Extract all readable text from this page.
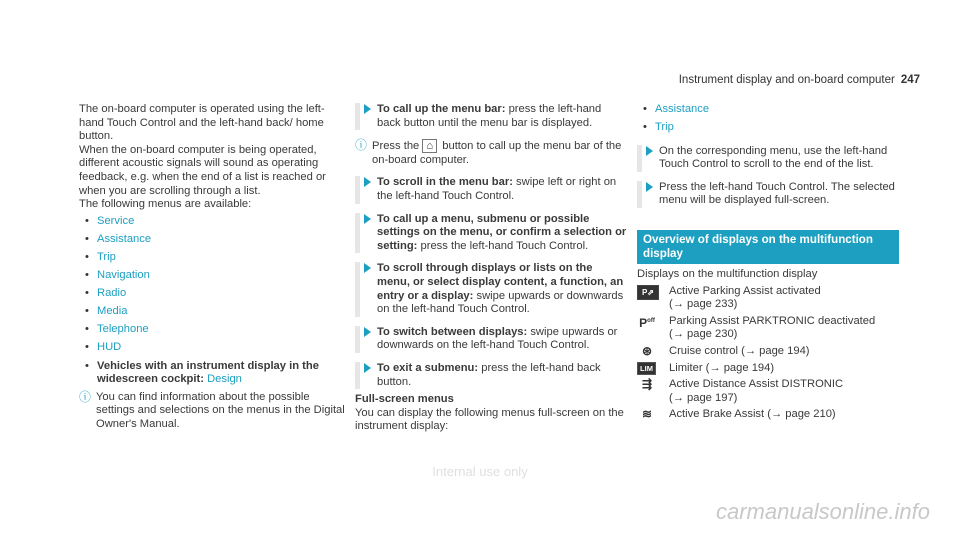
Instrument display and on-board computer 247

The on-board computer is operated using the left-hand Touch Control and the left-hand back/ home button.

When the on-board computer is being operated, different acoustic signals will sound as operating feedback, e.g. when the end of a list is reached or when you are scrolling through a list.

The following menus are available:

• Service
• Assistance
• Trip
• Navigation
• Radio
• Media
• Telephone
• HUD
• Vehicles with an instrument display in the widescreen cockpit: Design
ⓘ You can find information about the possible settings and selections on the menus in the Digital Owner's Manual.

To call up the menu bar: press the left-hand back button until the menu bar is displayed.

ⓘ Press the ⌂ button to call up the menu bar of the on-board computer.

To scroll in the menu bar: swipe left or right on the left-hand Touch Control.

To call up a menu, submenu or possible settings on the menu, or confirm a selection or setting: press the left-hand Touch Control.

To scroll through displays or lists on the menu, or select display content, a function, an entry or a display: swipe upwards or downwards on the left-hand Touch Control.

To switch between displays: swipe upwards or downwards on the left-hand Touch Control.

To exit a submenu: press the left-hand back button.

Full-screen menus

You can display the following menus full-screen on the instrument display:

• Assistance
• Trip

On the corresponding menu, use the left-hand Touch Control to scroll to the end of the list.

Press the left-hand Touch Control. The selected menu will be displayed full-screen.

Overview of displays on the multifunction display

Displays on the multifunction display

P⇗	Active Parking Assist activated

(→ page 233)

$P^{off}$ Parking Assist PARKTRONIC deactivated

(→ page 230)

⊛	Cruise control (→ page 194)

LIM Limiter (→ page 194)

⇶	Active Distance Assist DISTRONIC

(→ page 197)

≋	Active Brake Assist (→ page 210)

Internal use only
carmanualsonline.info
